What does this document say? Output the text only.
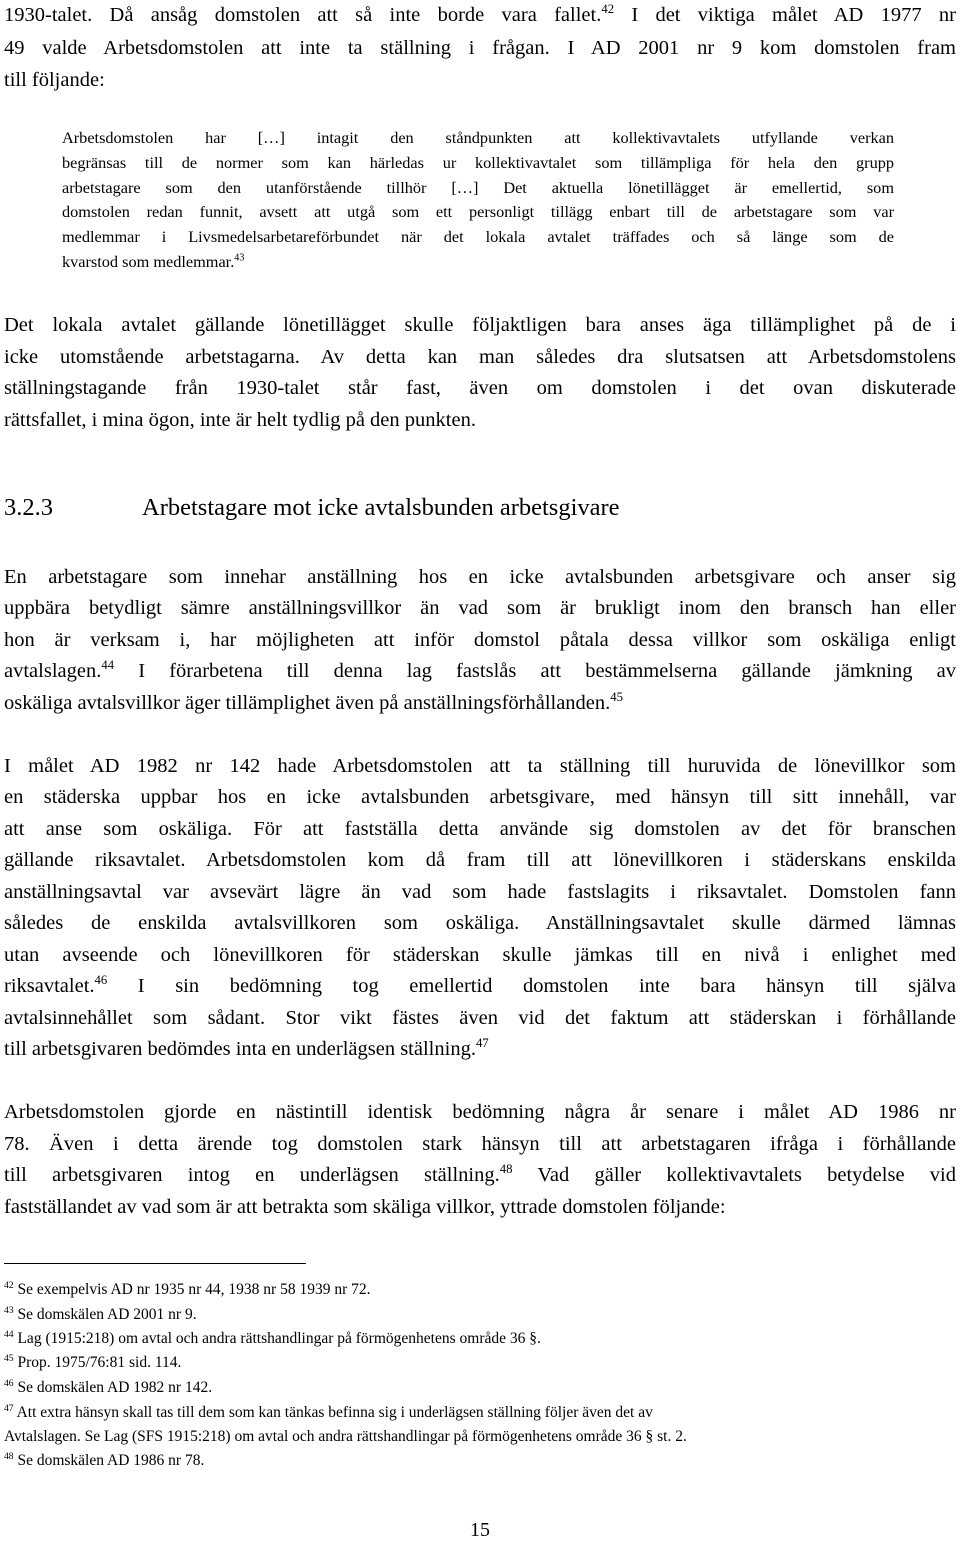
1930-talet. Då ansåg domstolen att så inte borde vara fallet.$^{42}$ I det viktiga målet AD 1977 nr

49 valde Arbetsdomstolen att inte ta ställning i frågan. I AD 2001 nr 9 kom domstolen fram

till följande:

Arbetsdomstolen har […] intagit den ståndpunkten att kollektivavtalets utfyllande verkan

begränsas till de normer som kan härledas ur kollektivavtalet som tillämpliga för hela den grupp

arbetstagare som den utanförstående tillhör […] Det aktuella lönetillägget är emellertid, som

domstolen redan funnit, avsett att utgå som ett personligt tillägg enbart till de arbetstagare som var

medlemmar i Livsmedelsarbetareförbundet när det lokala avtalet träffades och så länge som de

kvarstod som medlemmar.$^{43}$

Det lokala avtalet gällande lönetillägget skulle följaktligen bara anses äga tillämplighet på de i

icke utomstående arbetstagarna. Av detta kan man således dra slutsatsen att Arbetsdomstolens

ställningstagande från 1930-talet står fast, även om domstolen i det ovan diskuterade

rättsfallet, i mina ögon, inte är helt tydlig på den punkten.

3.2.3	Arbetstagare mot icke avtalsbunden arbetsgivare

En arbetstagare som innehar anställning hos en icke avtalsbunden arbetsgivare och anser sig

uppbära betydligt sämre anställningsvillkor än vad som är brukligt inom den bransch han eller

hon är verksam i, har möjligheten att inför domstol påtala dessa villkor som oskäliga enligt

avtalslagen.$^{44}$ I förarbetena till denna lag fastslås att bestämmelserna gällande jämkning av

oskäliga avtalsvillkor äger tillämplighet även på anställningsförhållanden.$^{45}$

I målet AD 1982 nr 142 hade Arbetsdomstolen att ta ställning till huruvida de lönevillkor som

en städerska uppbar hos en icke avtalsbunden arbetsgivare, med hänsyn till sitt innehåll, var

att anse som oskäliga. För att fastställa detta använde sig domstolen av det för branschen

gällande riksavtalet. Arbetsdomstolen kom då fram till att lönevillkoren i städerskans enskilda

anställningsavtal var avsevärt lägre än vad som hade fastslagits i riksavtalet. Domstolen fann

således de enskilda avtalsvillkoren som oskäliga. Anställningsavtalet skulle därmed lämnas

utan avseende och lönevillkoren för städerskan skulle jämkas till en nivå i enlighet med

riksavtalet.$^{46}$ I sin bedömning tog emellertid domstolen inte bara hänsyn till själva

avtalsinnehållet som sådant. Stor vikt fästes även vid det faktum att städerskan i förhållande

till arbetsgivaren bedömdes inta en underlägsen ställning.$^{47}$

Arbetsdomstolen gjorde en nästintill identisk bedömning några år senare i målet AD 1986 nr

78. Även i detta ärende tog domstolen stark hänsyn till att arbetstagaren ifråga i förhållande

till arbetsgivaren intog en underlägsen ställning.$^{48}$ Vad gäller kollektivavtalets betydelse vid

fastställandet av vad som är att betrakta som skäliga villkor, yttrade domstolen följande:

$^{42}$ Se exempelvis AD nr 1935 nr 44, 1938 nr 58 1939 nr 72.

$^{43}$ Se domskälen AD 2001 nr 9.

$^{44}$ Lag (1915:218) om avtal och andra rättshandlingar på förmögenhetens område 36 §.

$^{45}$ Prop. 1975/76:81 sid. 114.

$^{46}$ Se domskälen AD 1982 nr 142.

$^{47}$ Att extra hänsyn skall tas till dem som kan tänkas befinna sig i underlägsen ställning följer även det av

Avtalslagen. Se Lag (SFS 1915:218) om avtal och andra rättshandlingar på förmögenhetens område 36 § st. 2.

$^{48}$ Se domskälen AD 1986 nr 78.

15
